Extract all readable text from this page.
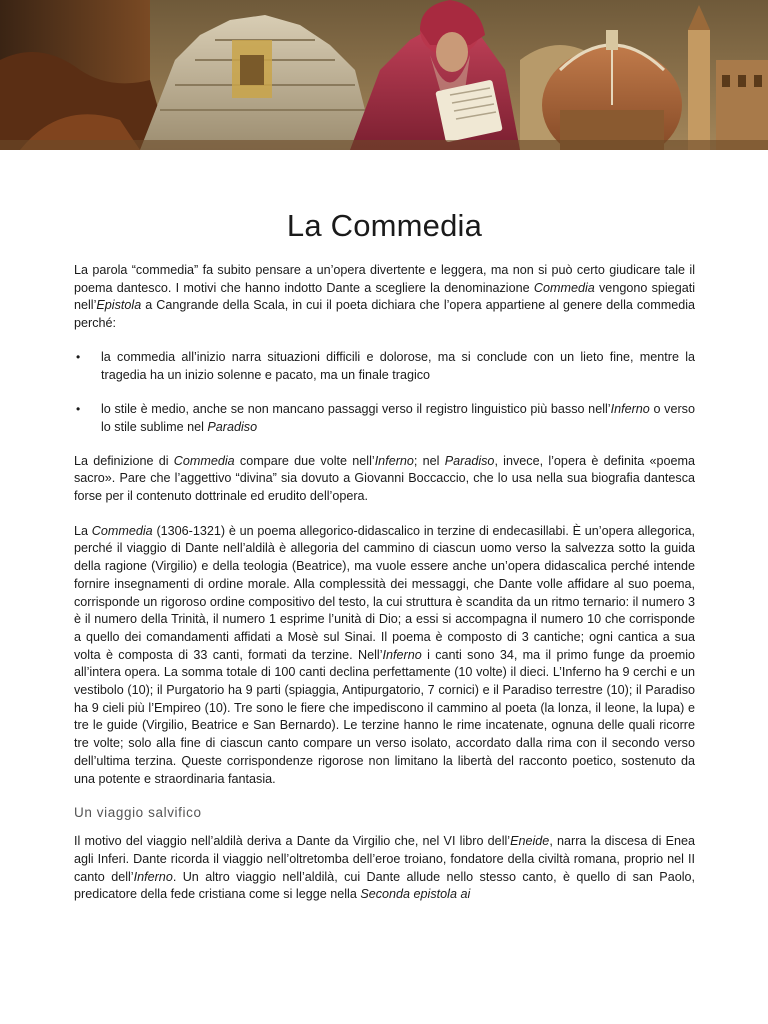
La Commedia

La parola “commedia” fa subito pensare a un’opera divertente e leggera, ma non si può certo giudicare tale il poema dantesco. I motivi che hanno indotto Dante a scegliere la denominazione Commedia vengono spiegati nell’Epistola a Cangrande della Scala, in cui il poeta dichiara che l’opera appartiene al genere della commedia perché:

• la commedia all’inizio narra situazioni difficili e dolorose, ma si conclude con un lieto fine, mentre la tragedia ha un inizio solenne e pacato, ma un finale tragico
• lo stile è medio, anche se non mancano passaggi verso il registro linguistico più basso nell’Inferno o verso lo stile sublime nel Paradiso

La definizione di Commedia compare due volte nell’Inferno; nel Paradiso, invece, l’opera è definita «poema sacro». Pare che l’aggettivo “divina” sia dovuto a Giovanni Boccaccio, che lo usa nella sua biografia dantesca forse per il contenuto dottrinale ed erudito dell’opera.

La Commedia (1306-1321) è un poema allegorico-didascalico in terzine di endecasillabi. È un’opera allegorica, perché il viaggio di Dante nell’aldilà è allegoria del cammino di ciascun uomo verso la salvezza sotto la guida della ragione (Virgilio) e della teologia (Beatrice), ma vuole essere anche un’opera didascalica perché intende fornire insegnamenti di ordine morale. Alla complessità dei messaggi, che Dante volle affidare al suo poema, corrisponde un rigoroso ordine compositivo del testo, la cui struttura è scandita da un ritmo ternario: il numero 3 è il numero della Trinità, il numero 1 esprime l’unità di Dio; a essi si accompagna il numero 10 che corrisponde a quello dei comandamenti affidati a Mosè sul Sinai. Il poema è composto di 3 cantiche; ogni cantica a sua volta è composta di 33 canti, formati da terzine. Nell’Inferno i canti sono 34, ma il primo funge da proemio all’intera opera. La somma totale di 100 canti declina perfettamente (10 volte) il dieci. L’Inferno ha 9 cerchi e un vestibolo (10); il Purgatorio ha 9 parti (spiaggia, Antipurgatorio, 7 cornici) e il Paradiso terrestre (10); il Paradiso ha 9 cieli più l’Empireo (10). Tre sono le fiere che impediscono il cammino al poeta (la lonza, il leone, la lupa) e tre le guide (Virgilio, Beatrice e San Bernardo). Le terzine hanno le rime incatenate, ognuna delle quali ricorre tre volte; solo alla fine di ciascun canto compare un verso isolato, accordato dalla rima con il secondo verso dell’ultima terzina. Queste corrispondenze rigorose non limitano la libertà del racconto poetico, sostenuto da una potente e straordinaria fantasia.

Un viaggio salvifico

Il motivo del viaggio nell’aldilà deriva a Dante da Virgilio che, nel VI libro dell’Eneide, narra la discesa di Enea agli Inferi. Dante ricorda il viaggio nell’oltretomba dell’eroe troiano, fondatore della civiltà romana, proprio nel II canto dell’Inferno. Un altro viaggio nell’aldilà, cui Dante allude nello stesso canto, è quello di san Paolo, predicatore della fede cristiana come si legge nella Seconda epistola ai
